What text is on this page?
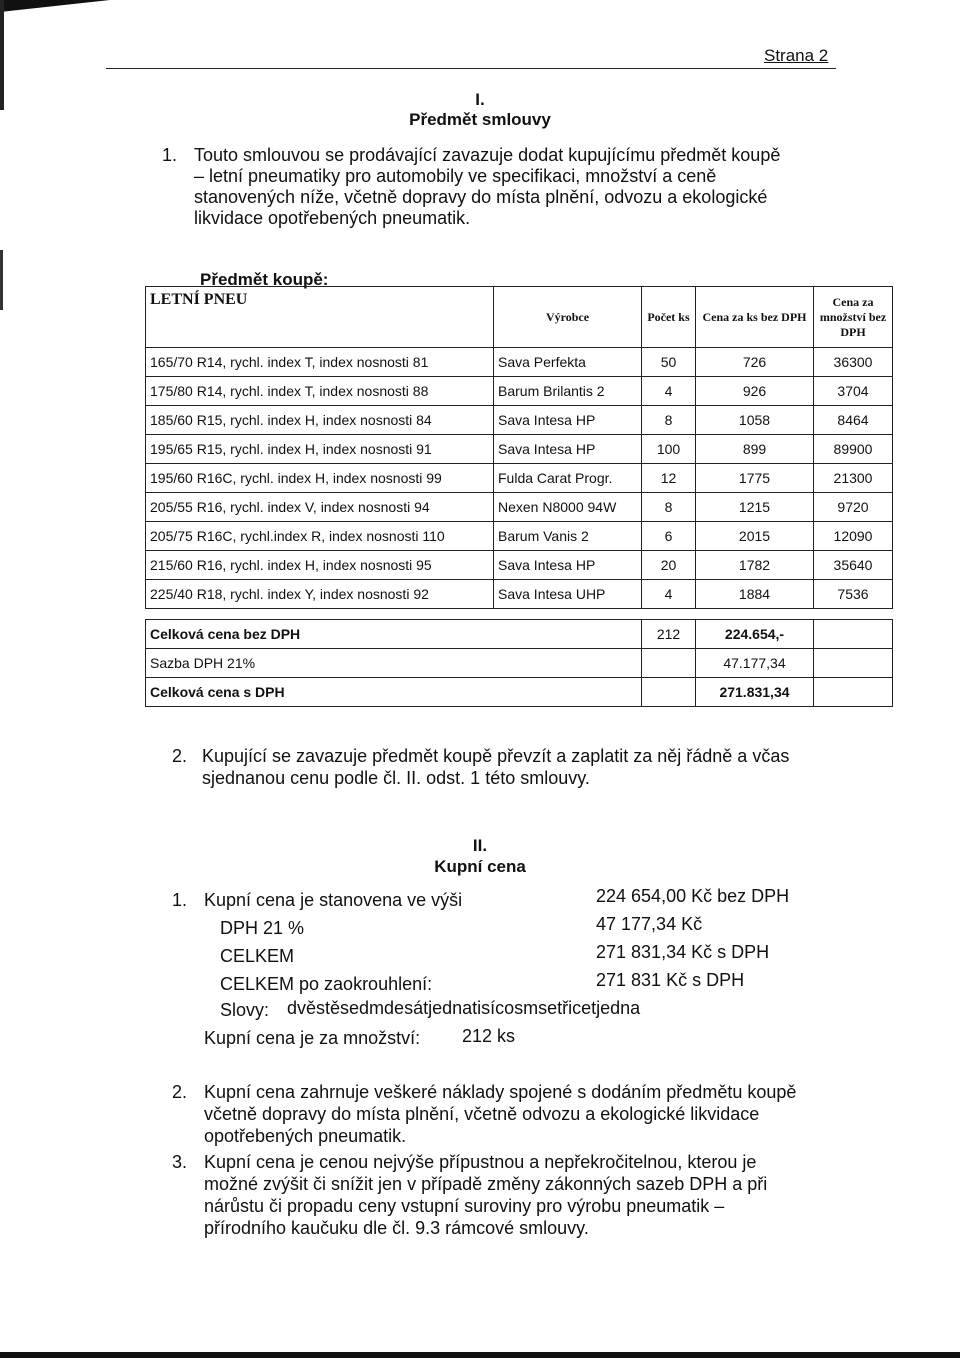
Strana 2
I.
Předmět smlouvy
1. Touto smlouvou se prodávající zavazuje dodat kupujícímu předmět koupě
– letní pneumatiky pro automobily ve specifikaci, množství a ceně
stanovených níže, včetně dopravy do místa plnění, odvozu a ekologické
likvidace opotřebených pneumatik.
Předmět koupě:
LETNÍ PNEU	Výrobce	Počet ks	Cena za ks bez DPH	Cena za množství bez DPH
165/70 R14, rychl. index T, index nosnosti 81	Sava Perfekta	50	726	36300
175/80 R14, rychl. index T, index nosnosti 88	Barum Brilantis 2	4	926	3704
185/60 R15, rychl. index H, index nosnosti 84	Sava Intesa HP	8	1058	8464
195/65 R15, rychl. index H, index nosnosti 91	Sava Intesa HP	100	899	89900
195/60 R16C, rychl. index H, index nosnosti 99	Fulda Carat Progr.	12	1775	21300
205/55 R16, rychl. index V, index nosnosti 94	Nexen N8000 94W	8	1215	9720
205/75 R16C, rychl.index R, index nosnosti 110	Barum Vanis 2	6	2015	12090
215/60 R16, rychl. index H, index nosnosti 95	Sava Intesa HP	20	1782	35640
225/40 R18, rychl. index Y, index nosnosti 92	Sava Intesa UHP	4	1884	7536

Celková cena bez DPH		212	224.654,-	
Sazba DPH 21%			47.177,34	
Celková cena s DPH			271.831,34	
2. Kupující se zavazuje předmět koupě převzít a zaplatit za něj řádně a včas
sjednanou cenu podle čl. II. odst. 1 této smlouvy.
II.
Kupní cena
1. Kupní cena je stanovena ve výši	224 654,00 Kč bez DPH
DPH 21 %	47 177,34 Kč
CELKEM	271 831,34 Kč s DPH
CELKEM po zaokrouhlení:	271 831 Kč s DPH
Slovy: dvěstěsedmdesátjednatisícosmsetřicetjedna
Kupní cena je za množství: 212 ks
2. Kupní cena zahrnuje veškeré náklady spojené s dodáním předmětu koupě
včetně dopravy do místa plnění, včetně odvozu a ekologické likvidace
opotřebených pneumatik.
3. Kupní cena je cenou nejvýše přípustnou a nepřekročitelnou, kterou je
možné zvýšit či snížit jen v případě změny zákonných sazeb DPH a při
nárůstu či propadu ceny vstupní suroviny pro výrobu pneumatik –
přírodního kaučuku dle čl. 9.3 rámcové smlouvy.
